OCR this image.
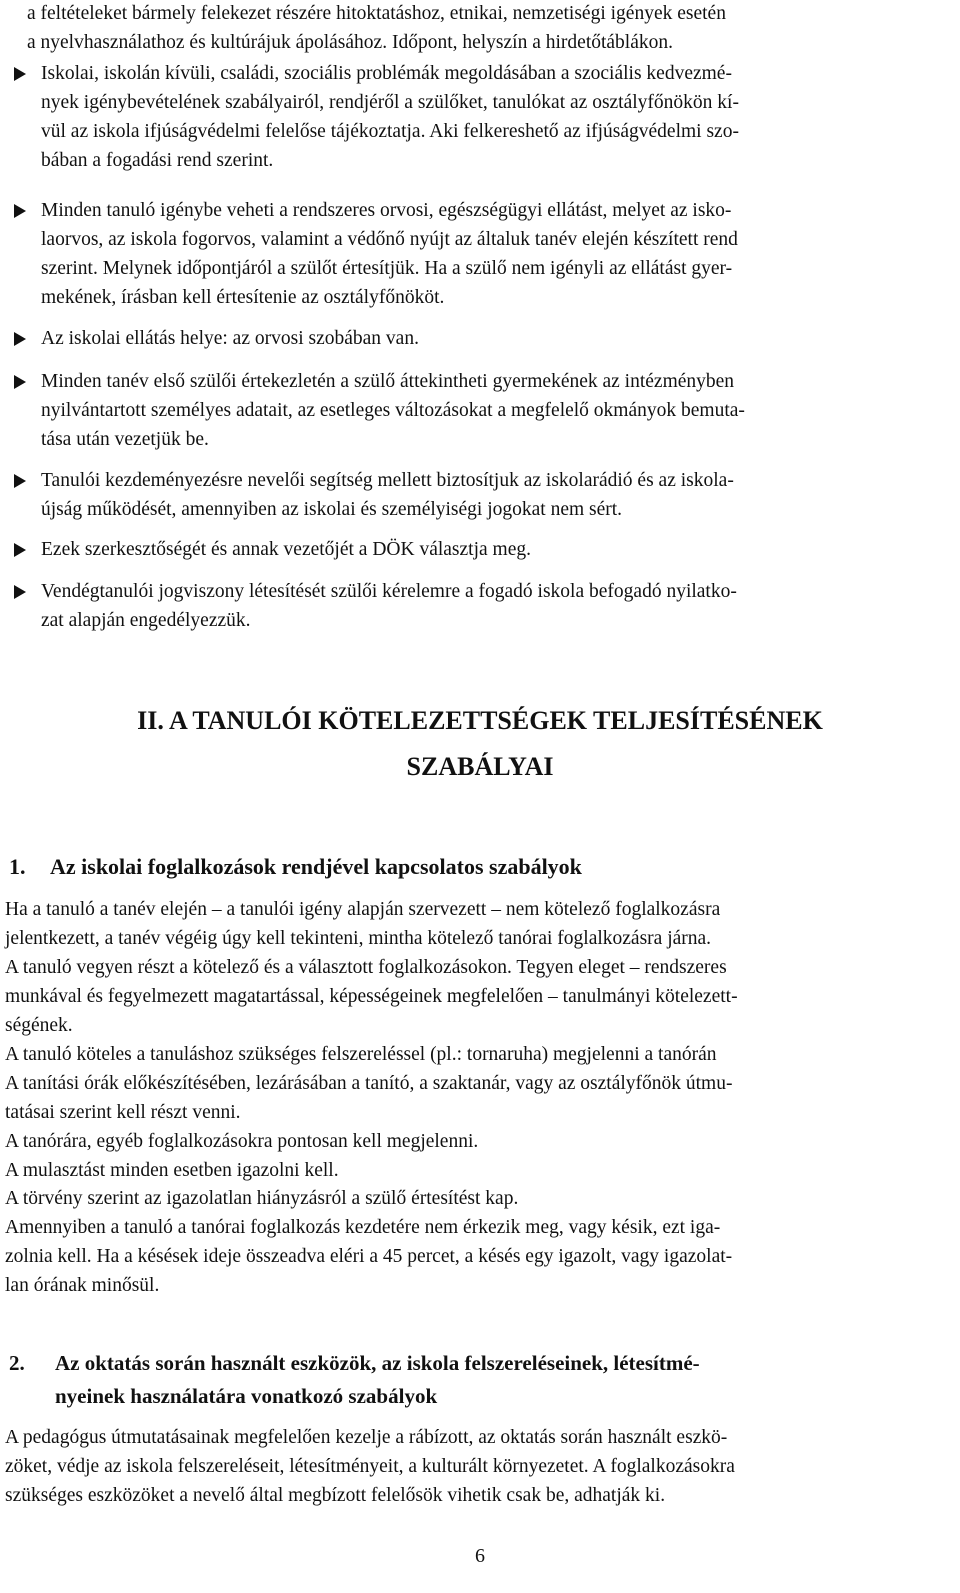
a feltételeket bármely felekezet részére hitoktatáshoz, etnikai, nemzetiségi igények esetén
a nyelvhasználathoz és kultúrájuk ápolásához. Időpont, helyszín a hirdetőtáblákon.
Iskolai, iskolán kívüli, családi, szociális problémák megoldásában a szociális kedvezmé-
nyek igénybevételének szabályairól, rendjéről a szülőket, tanulókat az osztályfőnökön kí-
vül az iskola ifjúságvédelmi felelőse tájékoztatja. Aki felkereshető az ifjúságvédelmi szo-
bában a fogadási rend szerint.
Minden tanuló igénybe veheti a rendszeres orvosi, egészségügyi ellátást, melyet az isko-
laorvos, az iskola fogorvos, valamint a védőnő nyújt az általuk tanév elején készített rend
szerint. Melynek időpontjáról a szülőt értesítjük. Ha a szülő nem igényli az ellátást gyer-
mekének, írásban kell értesítenie az osztályfőnököt.
Az iskolai ellátás helye: az orvosi szobában van.
Minden tanév első szülői értekezletén a szülő áttekintheti gyermekének az intézményben
nyilvántartott személyes adatait, az esetleges változásokat a megfelelő okmányok bemuta-
tása után vezetjük be.
Tanulói kezdeményezésre nevelői segítség mellett biztosítjuk az iskolarádió és az iskola-
újság működését, amennyiben az iskolai és személyiségi jogokat nem sért.
Ezek szerkesztőségét és annak vezetőjét a DÖK választja meg.
Vendégtanulói jogviszony létesítését szülői kérelemre a fogadó iskola befogadó nyilatko-
zat alapján engedélyezzük.
II. A TANULÓI KÖTELEZETTSÉGEK TELJESÍTÉSÉNEK
SZABÁLYAI
1. Az iskolai foglalkozások rendjével kapcsolatos szabályok
Ha a tanuló a tanév elején – a tanulói igény alapján szervezett – nem kötelező foglalkozásra
jelentkezett, a tanév végéig úgy kell tekinteni, mintha kötelező tanórai foglalkozásra járna.
A tanuló vegyen részt a kötelező és a választott foglalkozásokon. Tegyen eleget – rendszeres
munkával és fegyelmezett magatartással, képességeinek megfelelően – tanulmányi kötelezett-
ségének.
A tanuló köteles a tanuláshoz szükséges felszereléssel (pl.: tornaruha) megjelenni a tanórán
A tanítási órák előkészítésében, lezárásában a tanító, a szaktanár, vagy az osztályfőnök útmu-
tatásai szerint kell részt venni.
A tanórára, egyéb foglalkozásokra pontosan kell megjelenni.
A mulasztást minden esetben igazolni kell.
A törvény szerint az igazolatlan hiányzásról a szülő értesítést kap.
Amennyiben a tanuló a tanórai foglalkozás kezdetére nem érkezik meg, vagy késik, ezt iga-
zolnia kell. Ha a késések ideje összeadva eléri a 45 percet, a késés egy igazolt, vagy igazolat-
lan órának minősül.
2. Az oktatás során használt eszközök, az iskola felszereléseinek, létesítmé-
nyeinek használatára vonatkozó szabályok
A pedagógus útmutatásainak megfelelően kezelje a rábízott, az oktatás során használt eszkö-
zöket, védje az iskola felszereléseit, létesítményeit, a kulturált környezetet. A foglalkozásokra
szükséges eszközöket a nevelő által megbízott felelősök vihetik csak be, adhatják ki.
6
